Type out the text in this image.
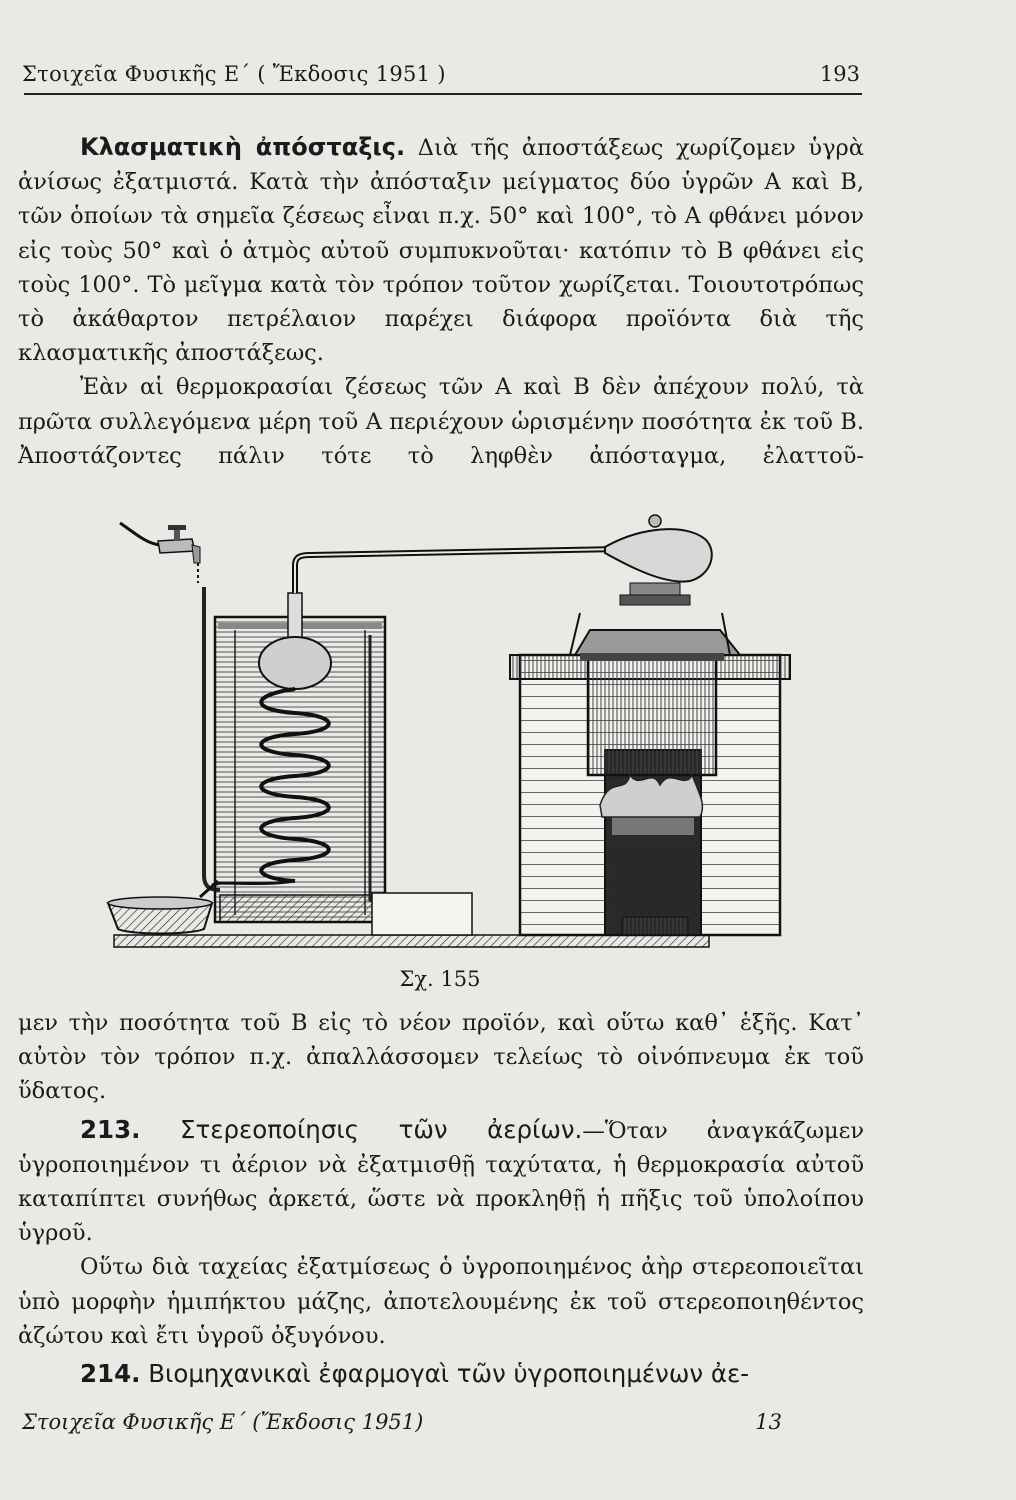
Στοιχεῖα Φυσικῆς Ε΄ ( Ἔκδοσις 1951 )	193

Κλασματικὴ ἀπόσταξις. Διὰ τῆς ἀποστάξεως χωρίζομεν ὑγρὰ ἀνίσως ἐξατμιστά. Κατὰ τὴν ἀπόσταξιν μείγματος δύο ὑγρῶν Α καὶ Β, τῶν ὁποίων τὰ σημεῖα ζέσεως εἶναι π.χ. 50° καὶ 100°, τὸ Α φθάνει μόνον εἰς τοὺς 50° καὶ ὁ ἀτμὸς αὐτοῦ συμπυκνοῦται· κατόπιν τὸ Β φθάνει εἰς τοὺς 100°. Τὸ μεῖγμα κατὰ τὸν τρόπον τοῦτον χωρίζεται. Τοιουτοτρόπως τὸ ἀκάθαρτον πετρέλαιον παρέχει διάφορα προϊόντα διὰ τῆς κλασματικῆς ἀποστάξεως.

Ἐὰν αἱ θερμοκρασίαι ζέσεως τῶν Α καὶ Β δὲν ἀπέχουν πολύ, τὰ πρῶτα συλλεγόμενα μέρη τοῦ Α περιέχουν ὡρισμένην ποσότητα ἐκ τοῦ Β. Ἀποστάζοντες πάλιν τότε τὸ ληφθὲν ἀπόσταγμα, ἐλαττοῦ-

Σχ. 155

μεν τὴν ποσότητα τοῦ Β εἰς τὸ νέον προϊόν, καὶ οὕτω καθ᾽ ἑξῆς. Κατ᾽ αὐτὸν τὸν τρόπον π.χ. ἀπαλλάσσομεν τελείως τὸ οἰνόπνευμα ἐκ τοῦ ὕδατος.

213. Στερεοποίησις τῶν ἀερίων.—Ὅταν ἀναγκάζωμεν ὑγροποιημένον τι ἀέριον νὰ ἐξατμισθῇ ταχύτατα, ἡ θερμοκρασία αὐτοῦ καταπίπτει συνήθως ἀρκετά, ὥστε νὰ προκληθῇ ἡ πῆξις τοῦ ὑπολοίπου ὑγροῦ.

Οὕτω διὰ ταχείας ἐξατμίσεως ὁ ὑγροποιημένος ἀὴρ στερεοποιεῖται ὑπὸ μορφὴν ἡμιπήκτου μάζης, ἀποτελουμένης ἐκ τοῦ στερεοποιηθέντος ἀζώτου καὶ ἔτι ὑγροῦ ὀξυγόνου.

214. Βιομηχανικαὶ ἐφαρμογαὶ τῶν ὑγροποιημένων ἀε-

Στοιχεῖα Φυσικῆς Ε΄ (Ἔκδοσις 1951)	13
